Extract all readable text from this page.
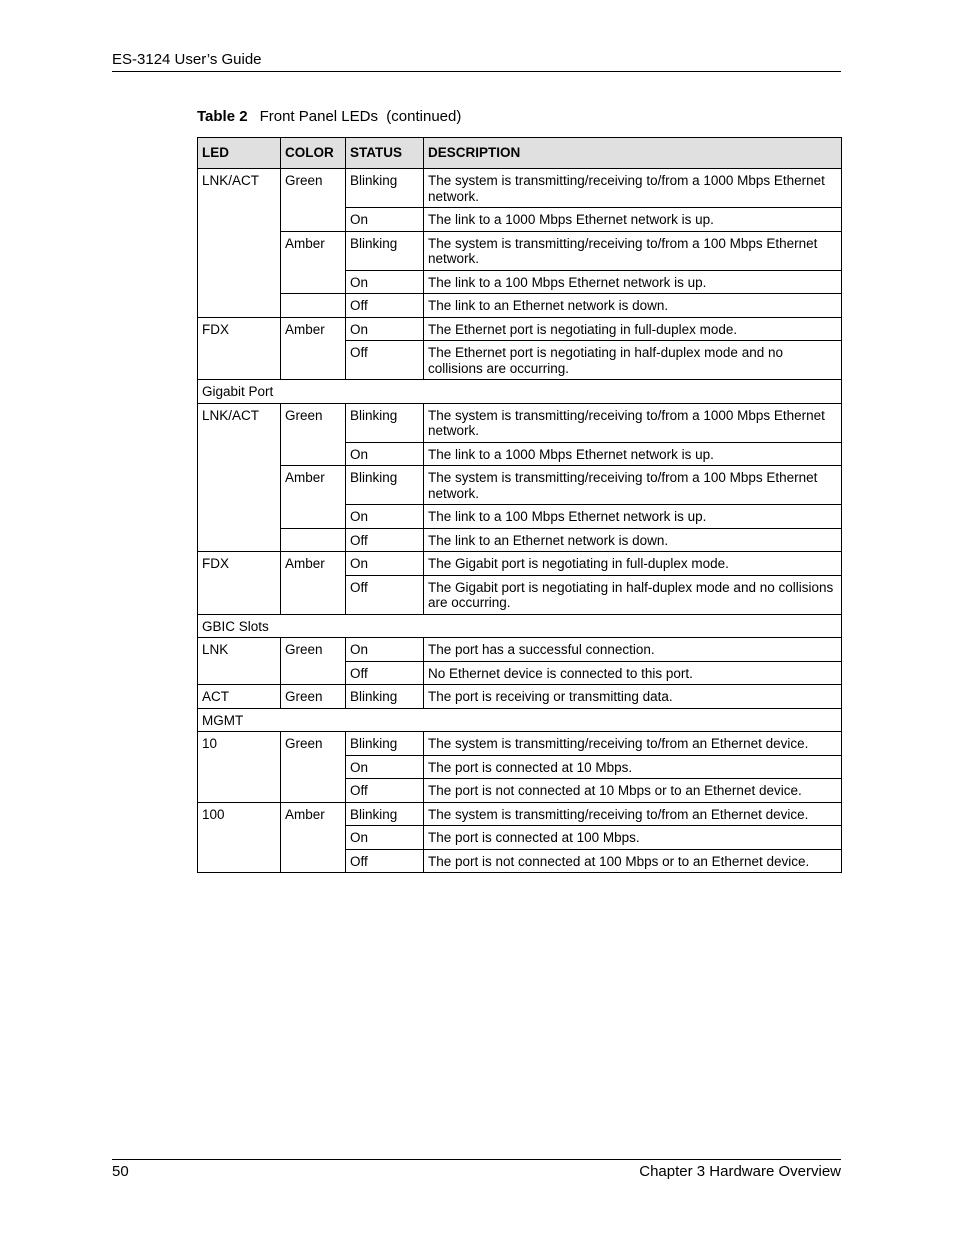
ES-3124 User’s Guide
Table 2 Front Panel LEDs  (continued)
LED	COLOR	STATUS	DESCRIPTION
LNK/ACT	Green	Blinking	The system is transmitting/receiving to/from a 1000 Mbps Ethernet network.
		On	The link to a 1000 Mbps Ethernet network is up.
	Amber	Blinking	The system is transmitting/receiving to/from a 100 Mbps Ethernet network.
		On	The link to a 100 Mbps Ethernet network is up.
		Off	The link to an Ethernet network is down.
FDX	Amber	On	The Ethernet port is negotiating in full-duplex mode.
		Off	The Ethernet port is negotiating in half-duplex mode and no collisions are occurring.
Gigabit Port			
LNK/ACT	Green	Blinking	The system is transmitting/receiving to/from a 1000 Mbps Ethernet network.
		On	The link to a 1000 Mbps Ethernet network is up.
	Amber	Blinking	The system is transmitting/receiving to/from a 100 Mbps Ethernet network.
		On	The link to a 100 Mbps Ethernet network is up.
		Off	The link to an Ethernet network is down.
FDX	Amber	On	The Gigabit port is negotiating in full-duplex mode.
		Off	The Gigabit port is negotiating in half-duplex mode and no collisions are occurring.
GBIC Slots			
LNK	Green	On	The port has a successful connection.
		Off	No Ethernet device is connected to this port.
ACT	Green	Blinking	The port is receiving or transmitting data.
MGMT			
10	Green	Blinking	The system is transmitting/receiving to/from an Ethernet device.
		On	The port is connected at 10 Mbps.
		Off	The port is not connected at 10 Mbps or to an Ethernet device.
100	Amber	Blinking	The system is transmitting/receiving to/from an Ethernet device.
		On	The port is connected at 100 Mbps.
		Off	The port is not connected at 100 Mbps or to an Ethernet device.
50	Chapter 3 Hardware Overview
